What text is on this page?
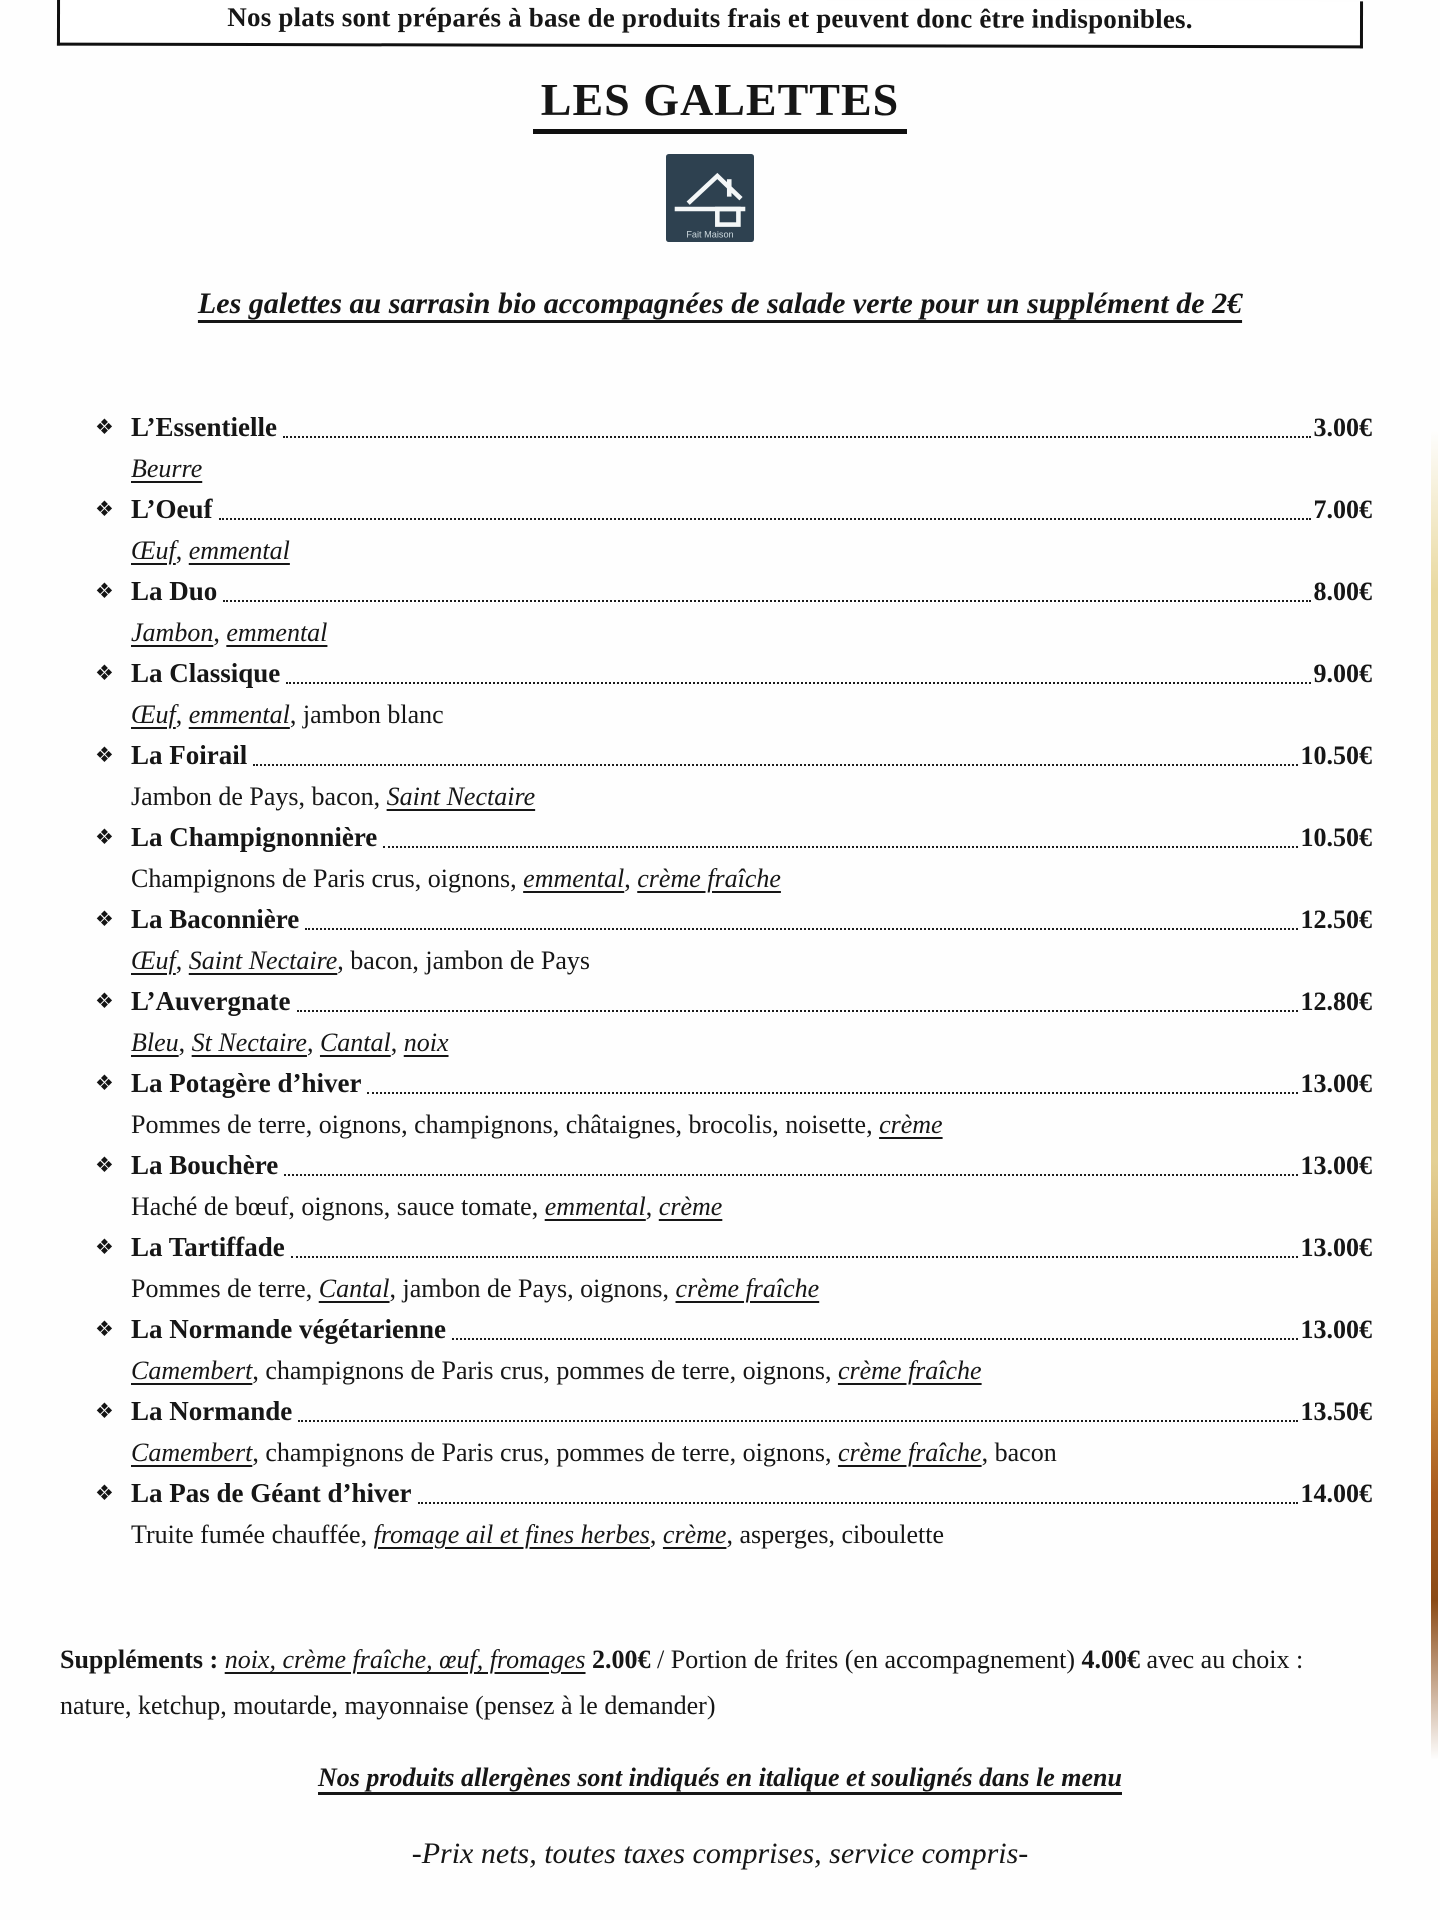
Nos plats sont préparés à base de produits frais et peuvent donc être indisponibles.
LES GALETTES
Fait Maison

Les galettes au sarrasin bio accompagnées de salade verte pour un supplément de 2€

❖ L’Essentielle	3.00€
Beurre
❖ L’Oeuf	7.00€
Œuf, emmental
❖ La Duo	8.00€
Jambon, emmental
❖ La Classique	9.00€
Œuf, emmental, jambon blanc
❖ La Foirail	10.50€
Jambon de Pays, bacon, Saint Nectaire
❖ La Champignonnière	10.50€
Champignons de Paris crus, oignons, emmental, crème fraîche
❖ La Baconnière	12.50€
Œuf, Saint Nectaire, bacon, jambon de Pays
❖ L’Auvergnate	12.80€
Bleu, St Nectaire, Cantal, noix
❖ La Potagère d’hiver	13.00€
Pommes de terre, oignons, champignons, châtaignes, brocolis, noisette, crème
❖ La Bouchère	13.00€
Haché de bœuf, oignons, sauce tomate, emmental, crème
❖ La Tartiffade	13.00€
Pommes de terre, Cantal, jambon de Pays, oignons, crème fraîche
❖ La Normande végétarienne	13.00€
Camembert, champignons de Paris crus, pommes de terre, oignons, crème fraîche
❖ La Normande	13.50€
Camembert, champignons de Paris crus, pommes de terre, oignons, crème fraîche, bacon
❖ La Pas de Géant d’hiver	14.00€
Truite fumée chauffée, fromage ail et fines herbes, crème, asperges, ciboulette

Suppléments : noix, crème fraîche, œuf, fromages 2.00€ / Portion de frites (en accompagnement) 4.00€ avec au choix : nature, ketchup, moutarde, mayonnaise (pensez à le demander)

Nos produits allergènes sont indiqués en italique et soulignés dans le menu

-Prix nets, toutes taxes comprises, service compris-
